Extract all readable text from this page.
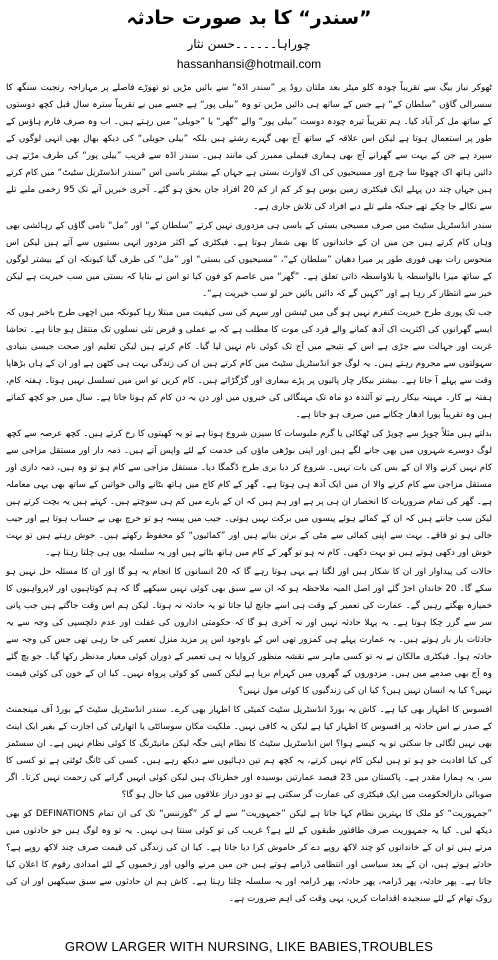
”سندر“ کا بد صورت حادثہ
چوراہا۔۔۔۔۔۔حسن نثار
hassanhansi@hotmail.com

ٹھوکر نیاز بیگ سے تقریباً چودہ کلو میٹر بعد ملتان روڈ پر ”سندر اڈہ“ سے بائیں مڑیں تو تھوڑے فاصلے پر مہاراجہ رنجیت سنگھ کا سسرالی گاؤں ”سلطان کے“ ہے جس کے ساتھ ہی دائیں مڑیں تو وہ ”بیلی پور“ ہے جسے میں نے تقریباً سترہ سال قبل کچھ دوستوں کے ساتھ مل کر آباد کیا۔ ہم تقریباً تیرہ چودہ دوست ”بیلی پور“ والے ”گھر“ یا ”حویلی“ میں رہتے ہیں۔ اب وہ صرف فارم ہاؤس کے طور پر استعمال ہوتا ہے لیکن اس علاقہ کے ساتھ آج بھی گہرے رشتے ہیں بلکہ ”بیلی حویلی“ کی دیکھ بھال بھی انہی لوگوں کے سپرد ہے جن کے بہت سے گھرانے آج بھی ہماری فیملی ممبرز کی مانند ہیں۔ سندر اڈہ سے قریب ”بیلی پور“ کی طرف مڑتے ہی دائیں ہاتھ اک چھوٹا سا چرچ اور مسیحیوں کی اک لاوارث بستی ہے جہاں کے بیشتر باسی اس ”سندر انڈسٹریل سٹیٹ“ میں کام کرتے ہیں جہاں چند دن پہلے ایک فیکٹری زمین بوس ہو کر کم از کم 20 افراد جان بحق ہو گئے۔ آخری خبریں آنے تک 95 زخمی ملبے تلے سے نکالے جا چکے تھے جبکہ ملبے تلے دبے افراد کی تلاش جاری ہے۔

سندر انڈسٹریل سٹیٹ میں صرف مسیحی بستی کے باسی ہی مزدوری نہیں کرتے ”سلطان کے“ اور ”مل“ نامی گاؤں کے رہائشی بھی وہاں کام کرتے ہیں جن میں ان کے خاندانوں کا بھی شمار ہوتا ہے۔ فیکٹری کے اکثر مزدور انہی بستیوں سے آتے ہیں لیکن اس منحوس رات بھی فوری طور پر میرا دھیان ”سلطان کے“، ”مسیحیوں کی بستی“ اور ”مل“ کی طرف گیا کیونکہ ان کے بیشتر لوگوں کے ساتھ میرا بالواسطہ یا بلاواسطہ ذاتی تعلق ہے۔ ”گھر“ میں عاصم کو فون کیا تو اس نے بتایا کہ بستی میں سب خیریت ہے لیکن خبر سے انتظار کر رہا ہے اور ”کہیں گے کہ دائیں بائیں خبر لو سب خیریت ہے“۔

جب تک پوری طرح خیریت کنفرم نہیں ہو گی میں ٹینشن اور سہم کی سی کیفیت میں مبتلا رہا کیونکہ میں اچھی طرح باخبر ہوں کہ ایسے گھرانوں کی اکثریت اک آدھ کمانے والے فرد کی موت کا مطلب ہے کہ بے عملی و قرض نئی نسلوں تک منتقل ہو جانا ہے۔ تحاشا غربت اور جہالت سے جڑی ہے اس کے نتیجے میں آج تک کوئی نام نہیں لیا گیا۔ کام کرتے ہیں لیکن تعلیم اور صحت جیسی بنیادی سہولتوں سے محروم رہتے ہیں۔ یہ لوگ جو انڈسٹریل سٹیٹ میں کام کرتے ہیں ان کی زندگی بہت ہی کٹھن ہے اور ان کے ہاں بڑھاپا وقت سے پہلے آ جاتا ہے۔ بیشتر بیکار چار پائیوں پر پڑے بیماری اور گڑگڑاتے ہیں۔ کام کریں تو اس میں تسلسل نہیں ہوتا۔ ہفتہ کام، ہفتہ بے کار۔ مہینہ بیکار رہے تو آئندہ دو ماہ تک مہنگائی کی خبروں میں اور دن بہ دن کام کم ہوتا جاتا ہے۔ سال میں جو کچھ کماتے ہیں وہ تقریباً پورا ادھار چکانے میں صرف ہو جاتا ہے۔

بدلتے ہیں مثلاً چوپڑ سے چوپڑ کی ٹھکائی یا گرم ملبوسات کا سیزن شروع ہوتا ہے تو یہ کھیتوں کا رخ کرتے ہیں۔ کچھ عرصہ سے کچھ لوگ دوسرے شہروں میں بھی جانے لگے ہیں اور اپنی بوڑھی ماؤں کی خدمت کے لئے واپس آتے ہیں۔ ذمہ دار اور مستقل مزاجی سے کام نہیں کرنے والا ان کے بس کی بات نہیں۔ شروع کر دیا بری طرح ڈگمگا دیا۔ مستقل مزاجی سے کام ہو تو وہ ہیں، ذمہ داری اور مستقل مزاجی سے کام کرنے والا ان میں ایک آدھ ہی ہوتا ہے۔ گھر کے کام کاج میں ہاتھ بٹانے والی خواتین کے ساتھ بھی یہی معاملہ ہے۔ گھر کی تمام ضروریات کا انحصار ان ہی پر ہے اور ہم ہیں کہ ان کے بارے میں کم ہی سوچتے ہیں۔ کہتے ہیں یہ بچت کرتے ہیں لیکن سب جانتے ہیں کہ ان کے کمائے ہوئے پیسوں میں برکت نہیں ہوتی۔ جیب میں پیسہ ہو تو خرچ بھی بے حساب ہوتا ہے اور جیب خالی ہو تو فاقے۔ بہت سے اپنی کمائی سے مٹی کے برتن بناتے ہیں اور ”کمائیوں“ کو محفوظ رکھتے ہیں۔ خوش رہتے ہیں تو بہت خوش اور دکھی ہوتے ہیں تو بہت دکھی۔ کام نہ ہو تو گھر کے کام میں ہاتھ بٹاتے ہیں اور یہ سلسلہ یوں ہی چلتا رہتا ہے۔

حالات کی پیداوار اور ان کا شکار ہیں اور لگتا ہے یہی ہوتا رہے گا کہ 20 انسانوں کا انجام یہ ہو گا اور ان کا مسئلہ حل نہیں ہو سکے گا۔ 20 خاندان اجڑ گئے اور اصل المیہ ملاحظہ ہو کہ ان سے سبق بھی کوئی نہیں سیکھے گا کہ ہم کوتاہیوں اور لاپرواہیوں کا خمیازہ بھگتے رہیں گے۔ عمارت کی تعمیر کے وقت ہی اسے جانچ لیا جاتا تو یہ حادثہ نہ ہوتا۔ لیکن ہم اس وقت جاگتے ہیں جب پانی سر سے گزر چکا ہوتا ہے۔ یہ پہلا حادثہ نہیں اور نہ آخری ہو گا کہ حکومتی اداروں کی غفلت اور عدم دلچسپی کی وجہ سے یہ حادثات بار بار ہوتے ہیں۔ یہ عمارت پہلے ہی کمزور تھی اس کے باوجود اس پر مزید منزل تعمیر کی جا رہی تھی جس کی وجہ سے حادثہ ہوا۔ فیکٹری مالکان نے نہ تو کسی ماہر سے نقشہ منظور کروایا نہ ہی تعمیر کے دوران کوئی معیار مدنظر رکھا گیا۔ جو بچ گئے وہ آج بھی صدمے میں ہیں۔ مزدوروں کے گھروں میں کہرام برپا ہے لیکن کسی کو کوئی پرواہ نہیں۔ کیا ان کے خون کی کوئی قیمت نہیں؟ کیا یہ انسان نہیں ہیں؟ کیا ان کی زندگیوں کا کوئی مول نہیں؟

افسوس کا اظہار بھی کیا ہے۔ کاش یہ بورڈ انڈسٹریل سٹیٹ کمیٹی کا اظہار بھی کرے۔ سندر انڈسٹریل سٹیٹ کے بورڈ آف مینجمنٹ کے صدر نے اس حادثہ پر افسوس کا اظہار کیا ہے لیکن یہ کافی نہیں۔ ملکیت مکان سوسائٹی یا اتھارٹی کی اجازت کے بغیر ایک اینٹ بھی نہیں لگائی جا سکتی تو یہ کیسے ہوا؟ اس انڈسٹریل سٹیٹ کا نظام اپنی جگہ لیکن مانیٹرنگ کا کوئی نظام نہیں ہے۔ ان سسٹمز کی کیا افادیت جو ہو تو ہیں لیکن کام نہیں کرتے، یہ کچھ ہم تین دہائیوں سے دیکھ رہے ہیں۔ کسی کی ٹانگ ٹوٹتی ہے تو کسی کا سر، یہ ہمارا مقدر ہے۔ پاکستان میں 23 فیصد عمارتیں بوسیدہ اور خطرناک ہیں لیکن کوئی انہیں گرانے کی زحمت نہیں کرتا۔ اگر صوبائی دارالحکومت میں ایک فیکٹری کی عمارت گر سکتی ہے تو دور دراز علاقوں میں کیا حال ہو گا؟

”جمہوریت“ کو ملک کا بہترین نظام کہا جاتا ہے لیکن ”جمہوریت“ سے لے کر ”گورننس“ تک کی ان تمام DEFINATIONS کو بھی دیکھ لیں۔ کیا یہ جمہوریت صرف طاقتور طبقوں کے لئے ہے؟ غریب کی تو کوئی سنتا ہی نہیں۔ یہ تو وہ لوگ ہیں جو حادثوں میں مرتے ہیں تو ان کے خاندانوں کو چند لاکھ روپے دے کر خاموش کرا دیا جاتا ہے۔ کیا ان کی زندگی کی قیمت صرف چند لاکھ روپے ہے؟ حادثے ہوتے ہیں، ان کے بعد سیاسی اور انتظامی ڈرامے ہوتے ہیں جن میں مرنے والوں اور زخمیوں کے لئے امدادی رقوم کا اعلان کیا جاتا ہے۔ پھر حادثہ، پھر ڈرامہ، پھر حادثہ، پھر ڈرامہ اور یہ سلسلہ چلتا رہتا ہے۔ کاش ہم ان حادثوں سے سبق سیکھیں اور ان کی روک تھام کے لئے سنجیدہ اقدامات کریں، یہی وقت کی اہم ضرورت ہے۔

GROW LARGER WITH NURSING, LIKE BABIES,TROUBLES
